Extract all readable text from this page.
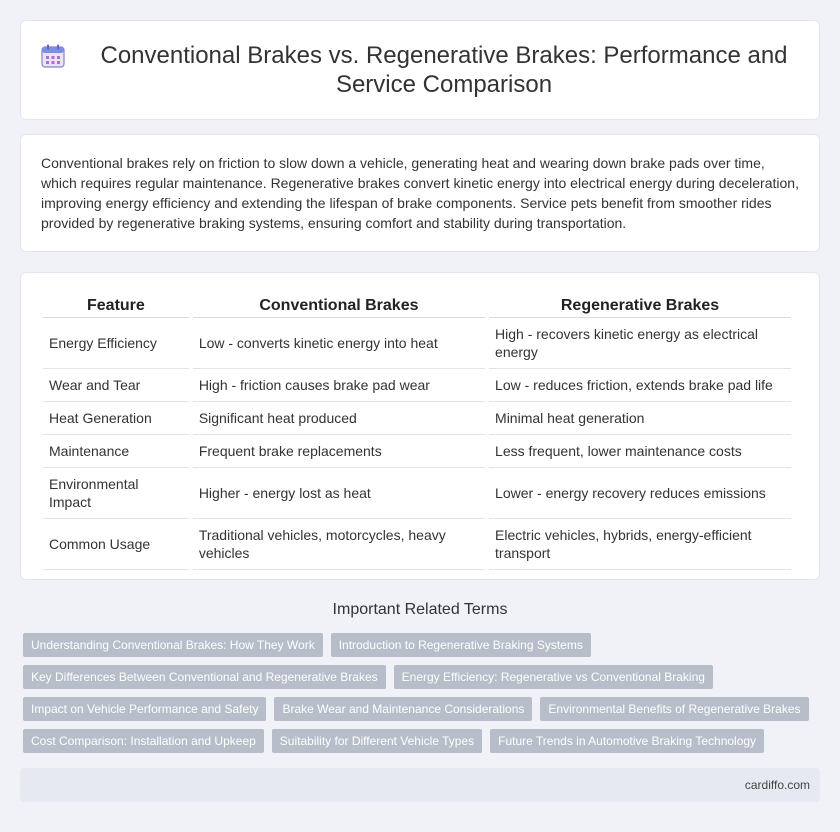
Conventional Brakes vs. Regenerative Brakes: Performance and Service Comparison

Conventional brakes rely on friction to slow down a vehicle, generating heat and wearing down brake pads over time, which requires regular maintenance. Regenerative brakes convert kinetic energy into electrical energy during deceleration, improving energy efficiency and extending the lifespan of brake components. Service pets benefit from smoother rides provided by regenerative braking systems, ensuring comfort and stability during transportation.

Feature	Conventional Brakes	Regenerative Brakes
Energy Efficiency	Low - converts kinetic energy into heat	High - recovers kinetic energy as electrical energy
Wear and Tear	High - friction causes brake pad wear	Low - reduces friction, extends brake pad life
Heat Generation	Significant heat produced	Minimal heat generation
Maintenance	Frequent brake replacements	Less frequent, lower maintenance costs
Environmental Impact	Higher - energy lost as heat	Lower - energy recovery reduces emissions
Common Usage	Traditional vehicles, motorcycles, heavy vehicles	Electric vehicles, hybrids, energy-efficient transport
Important Related Terms
Understanding Conventional Brakes: How They Work	Introduction to Regenerative Braking Systems
Key Differences Between Conventional and Regenerative Brakes	Energy Efficiency: Regenerative vs Conventional Braking
Impact on Vehicle Performance and Safety	Brake Wear and Maintenance Considerations	Environmental Benefits of Regenerative Brakes
Cost Comparison: Installation and Upkeep	Suitability for Different Vehicle Types	Future Trends in Automotive Braking Technology
cardiffo.com
